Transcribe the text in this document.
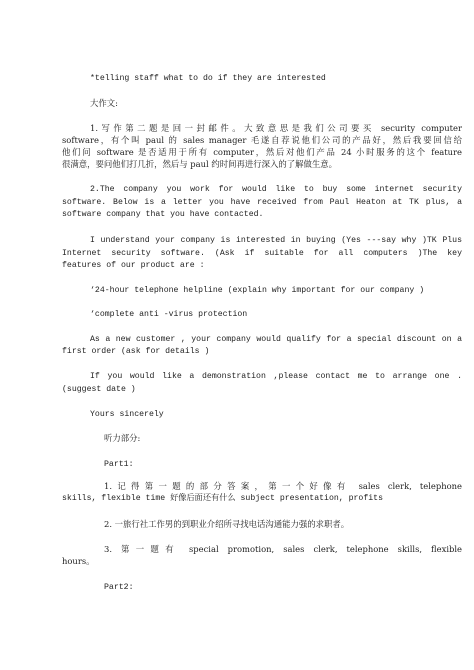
*telling staff what to do if they are interested
大作文:
1.写作第二题是回一封邮件。大致意思是我们公司要买 security computer
software，有个叫 paul 的 sales manager 毛遂自荐说他们公司的产品好，然后我要回信给
他们问 software 是否适用于所有 computer，然后对他们产品 24 小时服务的这个 feature
很满意，要问他们打几折，然后与 paul 约时间再进行深入的了解做生意。
2.The company you work for would like to buy some internet security
software. Below is a letter you have received from Paul Heaton at TK plus, a
software company that you have contacted.
I understand your company is interested in buying (Yes ---say why )TK Plus
Internet security software. (Ask if suitable for all computers )The key
features of our product are :
‘24-hour telephone helpline (explain why important for our company )
‘complete anti -virus protection
As a new customer , your company would qualify for a special discount on a
first order (ask for details )
If you would like a demonstration ,please contact me to arrange one .
(suggest date )
Yours sincerely
听力部分:
Part1:
1.记得第一题的部分答案，第一个好像有 sales clerk, telephone
skills, flexible time 好像后面还有什么 subject presentation, profits
2. 一旅行社工作男的到职业介绍所寻找电话沟通能力强的求职者。
3. 第一题有 special promotion, sales clerk, telephone skills, flexible
hours。
Part2:
